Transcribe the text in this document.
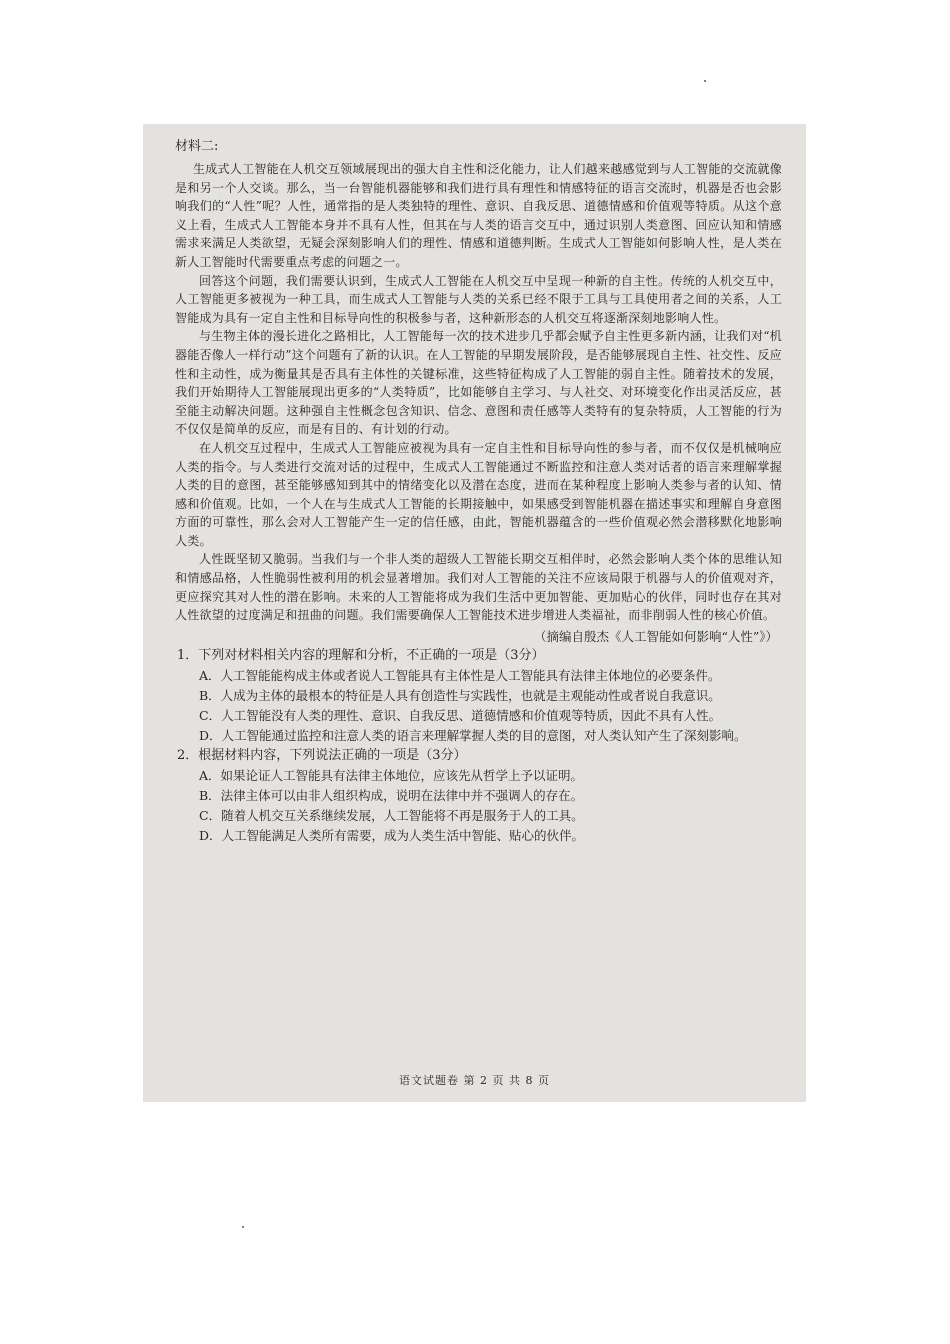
材料二:

生成式人工智能在人机交互领域展现出的强大自主性和泛化能力，让人们越来越感觉到与人工智能的交流就像是和另一个人交谈。那么，当一台智能机器能够和我们进行具有理性和情感特征的语言交流时，机器是否也会影响我们的“人性”呢？人性，通常指的是人类独特的理性、意识、自我反思、道德情感和价值观等特质。从这个意义上看，生成式人工智能本身并不具有人性，但其在与人类的语言交互中，通过识别人类意图、回应认知和情感需求来满足人类欲望，无疑会深刻影响人们的理性、情感和道德判断。生成式人工智能如何影响人性，是人类在新人工智能时代需要重点考虑的问题之一。

回答这个问题，我们需要认识到，生成式人工智能在人机交互中呈现一种新的自主性。传统的人机交互中，人工智能更多被视为一种工具，而生成式人工智能与人类的关系已经不限于工具与工具使用者之间的关系，人工智能成为具有一定自主性和目标导向性的积极参与者，这种新形态的人机交互将逐渐深刻地影响人性。

与生物主体的漫长进化之路相比，人工智能每一次的技术进步几乎都会赋予自主性更多新内涵，让我们对“机器能否像人一样行动”这个问题有了新的认识。在人工智能的早期发展阶段，是否能够展现自主性、社交性、反应性和主动性，成为衡量其是否具有主体性的关键标准，这些特征构成了人工智能的弱自主性。随着技术的发展，我们开始期待人工智能展现出更多的“人类特质”，比如能够自主学习、与人社交、对环境变化作出灵活反应，甚至能主动解决问题。这种强自主性概念包含知识、信念、意图和责任感等人类特有的复杂特质，人工智能的行为不仅仅是简单的反应，而是有目的、有计划的行动。

在人机交互过程中，生成式人工智能应被视为具有一定自主性和目标导向性的参与者，而不仅仅是机械响应人类的指令。与人类进行交流对话的过程中，生成式人工智能通过不断监控和注意人类对话者的语言来理解掌握人类的目的意图，甚至能够感知到其中的情绪变化以及潜在态度，进而在某种程度上影响人类参与者的认知、情感和价值观。比如，一个人在与生成式人工智能的长期接触中，如果感受到智能机器在描述事实和理解自身意图方面的可靠性，那么会对人工智能产生一定的信任感，由此，智能机器蕴含的一些价值观必然会潜移默化地影响人类。

人性既坚韧又脆弱。当我们与一个非人类的超级人工智能长期交互相伴时，必然会影响人类个体的思维认知和情感品格，人性脆弱性被利用的机会显著增加。我们对人工智能的关注不应该局限于机器与人的价值观对齐，更应探究其对人性的潜在影响。未来的人工智能将成为我们生活中更加智能、更加贴心的伙伴，同时也存在其对人性欲望的过度满足和扭曲的问题。我们需要确保人工智能技术进步增进人类福祉，而非削弱人性的核心价值。

（摘编自殷杰《人工智能如何影响“人性”》）

1．下列对材料相关内容的理解和分析，不正确的一项是（3分）

A．人工智能能构成主体或者说人工智能具有主体性是人工智能具有法律主体地位的必要条件。

B．人成为主体的最根本的特征是人具有创造性与实践性，也就是主观能动性或者说自我意识。

C．人工智能没有人类的理性、意识、自我反思、道德情感和价值观等特质，因此不具有人性。

D．人工智能通过监控和注意人类的语言来理解掌握人类的目的意图，对人类认知产生了深刻影响。

2．根据材料内容，下列说法正确的一项是（3分）

A．如果论证人工智能具有法律主体地位，应该先从哲学上予以证明。

B．法律主体可以由非人组织构成，说明在法律中并不强调人的存在。

C．随着人机交互关系继续发展，人工智能将不再是服务于人的工具。

D．人工智能满足人类所有需要，成为人类生活中智能、贴心的伙伴。

语文试题卷 第 2 页 共 8 页
